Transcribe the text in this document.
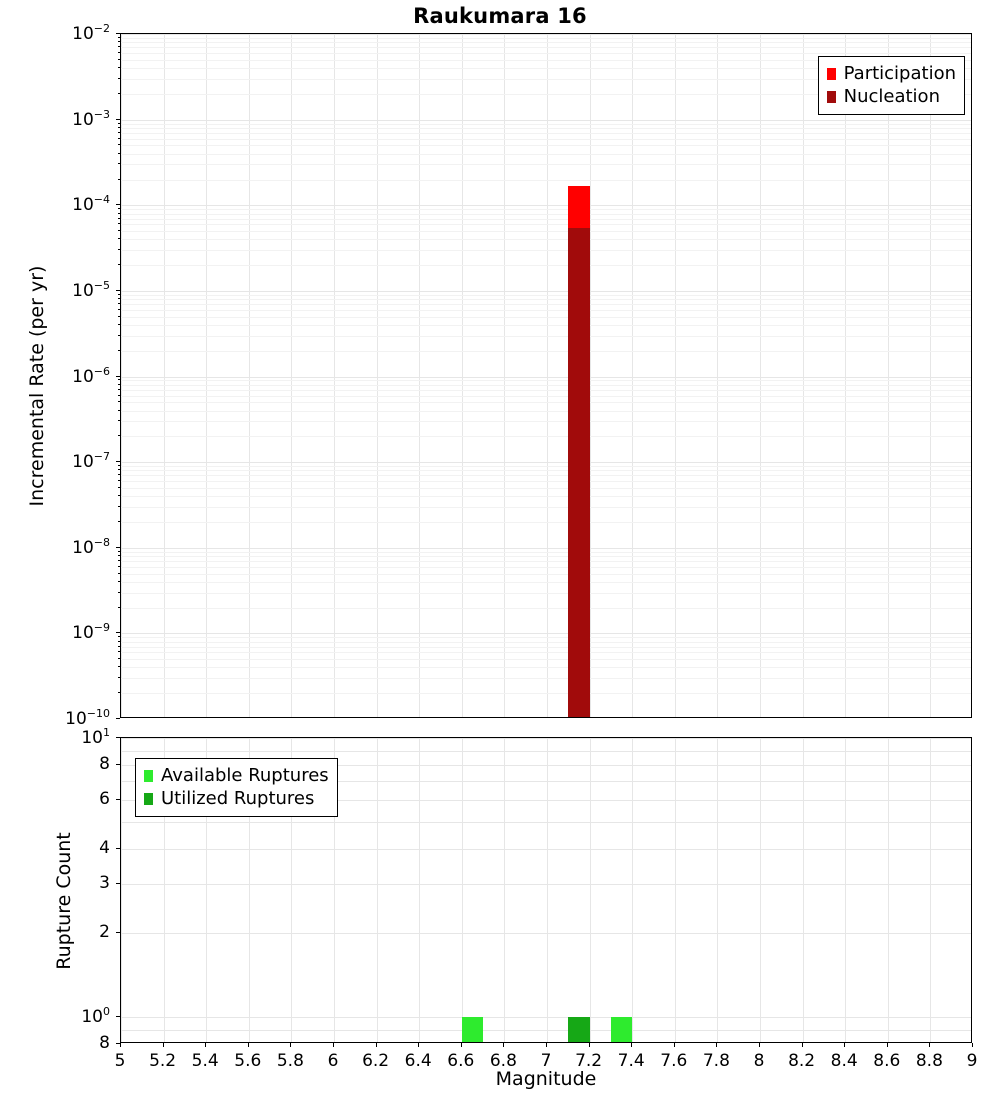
Raukumara 16
Participation
Nucleation
$10^{-2}$
$10^{-3}$
$10^{-4}$
$10^{-5}$
$10^{-6}$
$10^{-7}$
$10^{-8}$
$10^{-9}$
$10^{-10}$
Incremental Rate (per yr)
Available Ruptures
Utilized Ruptures
$10^1$
8
6
4
3
2
$10^0$
8
5 5.2 5.4 5.6 5.8 6 6.2 6.4 6.6 6.8 7 7.2 7.4 7.6 7.8 8 8.2 8.4 8.6 8.8 9
Rupture Count
Magnitude
